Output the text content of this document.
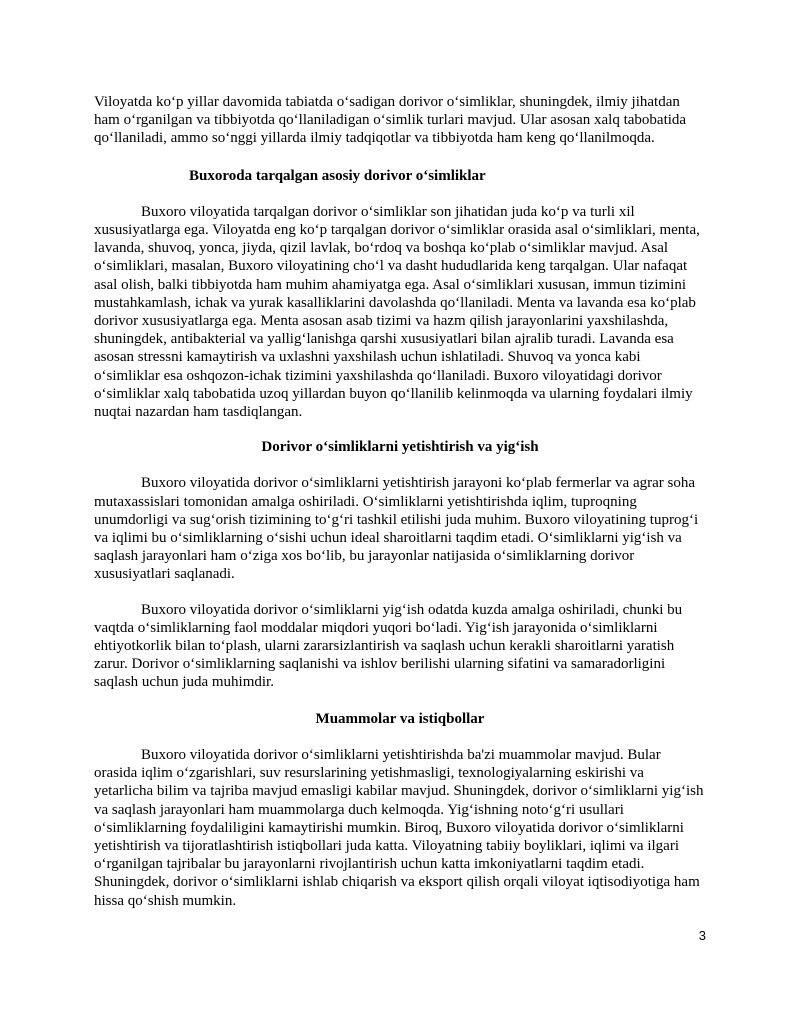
Viloyatda ko‘p yillar davomida tabiatda o‘sadigan dorivor o‘simliklar, shuningdek, ilmiy jihatdan ham o‘rganilgan va tibbiyotda qo‘llaniladigan o‘simlik turlari mavjud. Ular asosan xalq tabobatida qo‘llaniladi, ammo so‘nggi yillarda ilmiy tadqiqotlar va tibbiyotda ham keng qo‘llanilmoqda.

Buxoroda tarqalgan asosiy dorivor o‘simliklar

Buxoro viloyatida tarqalgan dorivor o‘simliklar son jihatidan juda ko‘p va turli xil xususiyatlarga ega. Viloyatda eng ko‘p tarqalgan dorivor o‘simliklar orasida asal o‘simliklari, menta, lavanda, shuvoq, yonca, jiyda, qizil lavlak, bo‘rdoq va boshqa ko‘plab o‘simliklar mavjud. Asal o‘simliklari, masalan, Buxoro viloyatining cho‘l va dasht hududlarida keng tarqalgan. Ular nafaqat asal olish, balki tibbiyotda ham muhim ahamiyatga ega. Asal o‘simliklari xususan, immun tizimini mustahkamlash, ichak va yurak kasalliklarini davolashda qo‘llaniladi. Menta va lavanda esa ko‘plab dorivor xususiyatlarga ega. Menta asosan asab tizimi va hazm qilish jarayonlarini yaxshilashda, shuningdek, antibakterial va yallig‘lanishga qarshi xususiyatlari bilan ajralib turadi. Lavanda esa asosan stressni kamaytirish va uxlashni yaxshilash uchun ishlatiladi. Shuvoq va yonca kabi o‘simliklar esa oshqozon-ichak tizimini yaxshilashda qo‘llaniladi. Buxoro viloyatidagi dorivor o‘simliklar xalq tabobatida uzoq yillardan buyon qo‘llanilib kelinmoqda va ularning foydalari ilmiy nuqtai nazardan ham tasdiqlangan.

Dorivor o‘simliklarni yetishtirish va yig‘ish

Buxoro viloyatida dorivor o‘simliklarni yetishtirish jarayoni ko‘plab fermerlar va agrar soha mutaxassislari tomonidan amalga oshiriladi. O‘simliklarni yetishtirishda iqlim, tuproqning unumdorligi va sug‘orish tizimining to‘g‘ri tashkil etilishi juda muhim. Buxoro viloyatining tuprog‘i va iqlimi bu o‘simliklarning o‘sishi uchun ideal sharoitlarni taqdim etadi. O‘simliklarni yig‘ish va saqlash jarayonlari ham o‘ziga xos bo‘lib, bu jarayonlar natijasida o‘simliklarning dorivor xususiyatlari saqlanadi.

Buxoro viloyatida dorivor o‘simliklarni yig‘ish odatda kuzda amalga oshiriladi, chunki bu vaqtda o‘simliklarning faol moddalar miqdori yuqori bo‘ladi. Yig‘ish jarayonida o‘simliklarni ehtiyotkorlik bilan to‘plash, ularni zararsizlantirish va saqlash uchun kerakli sharoitlarni yaratish zarur. Dorivor o‘simliklarning saqlanishi va ishlov berilishi ularning sifatini va samaradorligini saqlash uchun juda muhimdir.

Muammolar va istiqbollar

Buxoro viloyatida dorivor o‘simliklarni yetishtirishda ba'zi muammolar mavjud. Bular orasida iqlim o‘zgarishlari, suv resurslarining yetishmasligi, texnologiyalarning eskirishi va yetarlicha bilim va tajriba mavjud emasligi kabilar mavjud. Shuningdek, dorivor o‘simliklarni yig‘ish va saqlash jarayonlari ham muammolarga duch kelmoqda. Yig‘ishning noto‘g‘ri usullari o‘simliklarning foydaliligini kamaytirishi mumkin. Biroq, Buxoro viloyatida dorivor o‘simliklarni yetishtirish va tijoratlashtirish istiqbollari juda katta. Viloyatning tabiiy boyliklari, iqlimi va ilgari o‘rganilgan tajribalar bu jarayonlarni rivojlantirish uchun katta imkoniyatlarni taqdim etadi. Shuningdek, dorivor o‘simliklarni ishlab chiqarish va eksport qilish orqali viloyat iqtisodiyotiga ham hissa qo‘shish mumkin.

3
